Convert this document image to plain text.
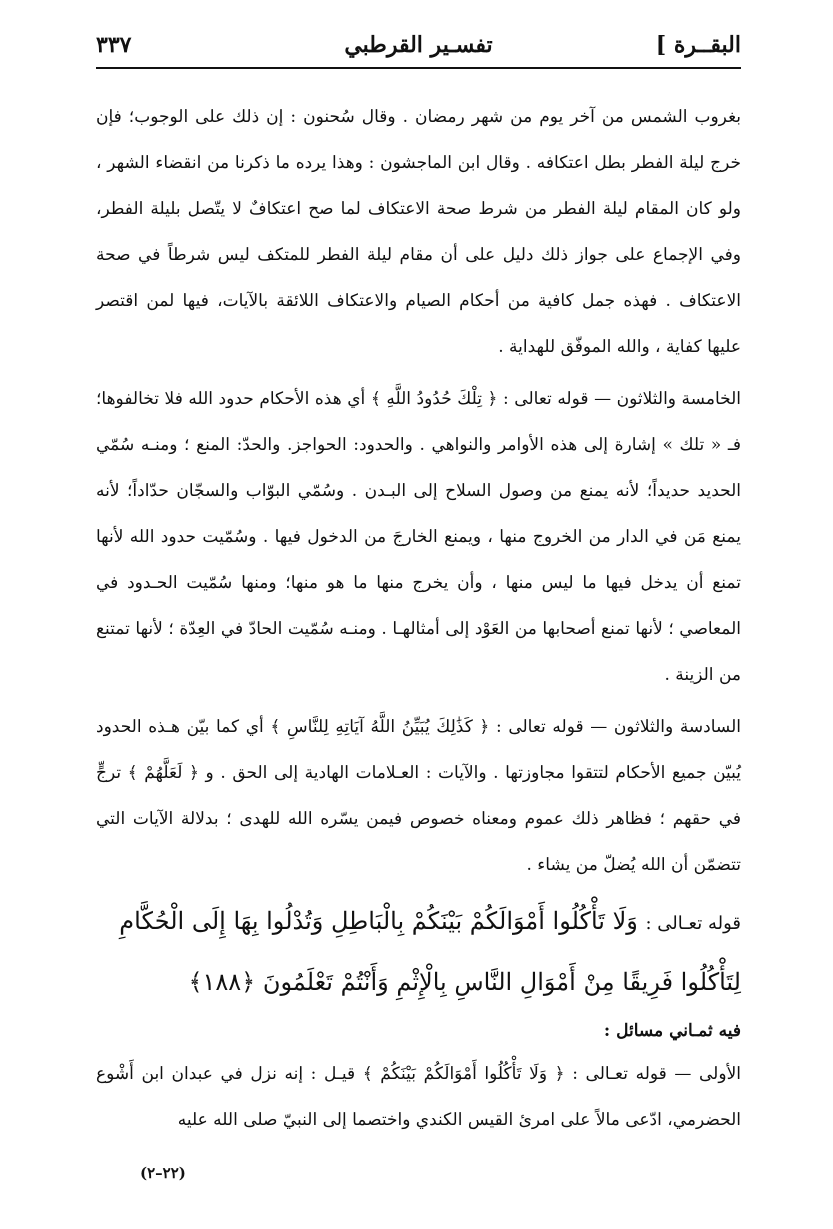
البقــرة ]
تفسـير القرطبي
٣٣٧

بغروب الشمس من آخر يوم من شهر رمضان . وقال سُحنون : إن ذلك على الوجوب؛ فإن خرج ليلة الفطر بطل اعتكافه . وقال ابن الماجشون : وهذا يرده ما ذكرنا من انقضاء الشهر ، ولو كان المقام ليلة الفطر من شرط صحة الاعتكاف لما صح اعتكافٌ لا يتّصل بليلة الفطر، وفي الإجماع على جواز ذلك دليل على أن مقام ليلة الفطر للمتكف ليس شرطاً في صحة الاعتكاف . فهذه جمل كافية من أحكام الصيام والاعتكاف اللائقة بالآيات، فيها لمن اقتصر عليها كفاية ، والله الموفّق للهداية .

الخامسة والثلاثون — قوله تعالى : ﴿ تِلْكَ حُدُودُ اللَّهِ ﴾ أي هذه الأحكام حدود الله فلا تخالفوها؛ فـ « تلك » إشارة إلى هذه الأوامر والنواهي . والحدود: الحواجز. والحدّ: المنع ؛ ومنـه سُمّي الحديد حديداً؛ لأنه يمنع من وصول السلاح إلى البـدن . وسُمّي البوّاب والسجّان حدّاداً؛ لأنه يمنع مَن في الدار من الخروج منها ، ويمنع الخارجَ من الدخول فيها . وسُمّيت حدود الله لأنها تمنع أن يدخل فيها ما ليس منها ، وأن يخرج منها ما هو منها؛ ومنها سُمّيت الحـدود في المعاصي ؛ لأنها تمنع أصحابها من العَوْد إلى أمثالهـا . ومنـه سُمّيت الحادّ في العِدّة ؛ لأنها تمتنع من الزينة .

السادسة والثلاثون — قوله تعالى : ﴿ كَذَٰلِكَ يُبَيِّنُ اللَّهُ آيَاتِهِ لِلنَّاسِ ﴾ أي كما بيّن هـذه الحدود يُبيّن جميع الأحكام لتتقوا مجاوزتها . والآيات : العـلامات الهادية إلى الحق . و ﴿ لَعَلَّهُمْ ﴾ ترجٍّ في حقهم ؛ فظاهر ذلك عموم ومعناه خصوص فيمن يسّره الله للهدى ؛ بدلالة الآيات التي تتضمّن أن الله يُضلّ من يشاء .

قوله تعـالى : وَلَا تَأْكُلُوا أَمْوَالَكُمْ بَيْنَكُمْ بِالْبَاطِلِ وَتُدْلُوا بِهَا إِلَى الْحُكَّامِ لِتَأْكُلُوا فَرِيقًا مِنْ أَمْوَالِ النَّاسِ بِالْإِثْمِ وَأَنْتُمْ تَعْلَمُونَ ﴿١٨٨﴾

فيه ثمـاني مسائل :

الأولى — قوله تعـالى : ﴿ وَلَا تَأْكُلُوا أَمْوَالَكُمْ بَيْنَكُمْ ﴾ قيـل : إنه نزل في عبدان ابن أَشْوع الحضرمي، ادّعى مالاً على امرئ القيس الكندي واختصما إلى النبيّ صلى الله عليه

(٢٢–٢)
